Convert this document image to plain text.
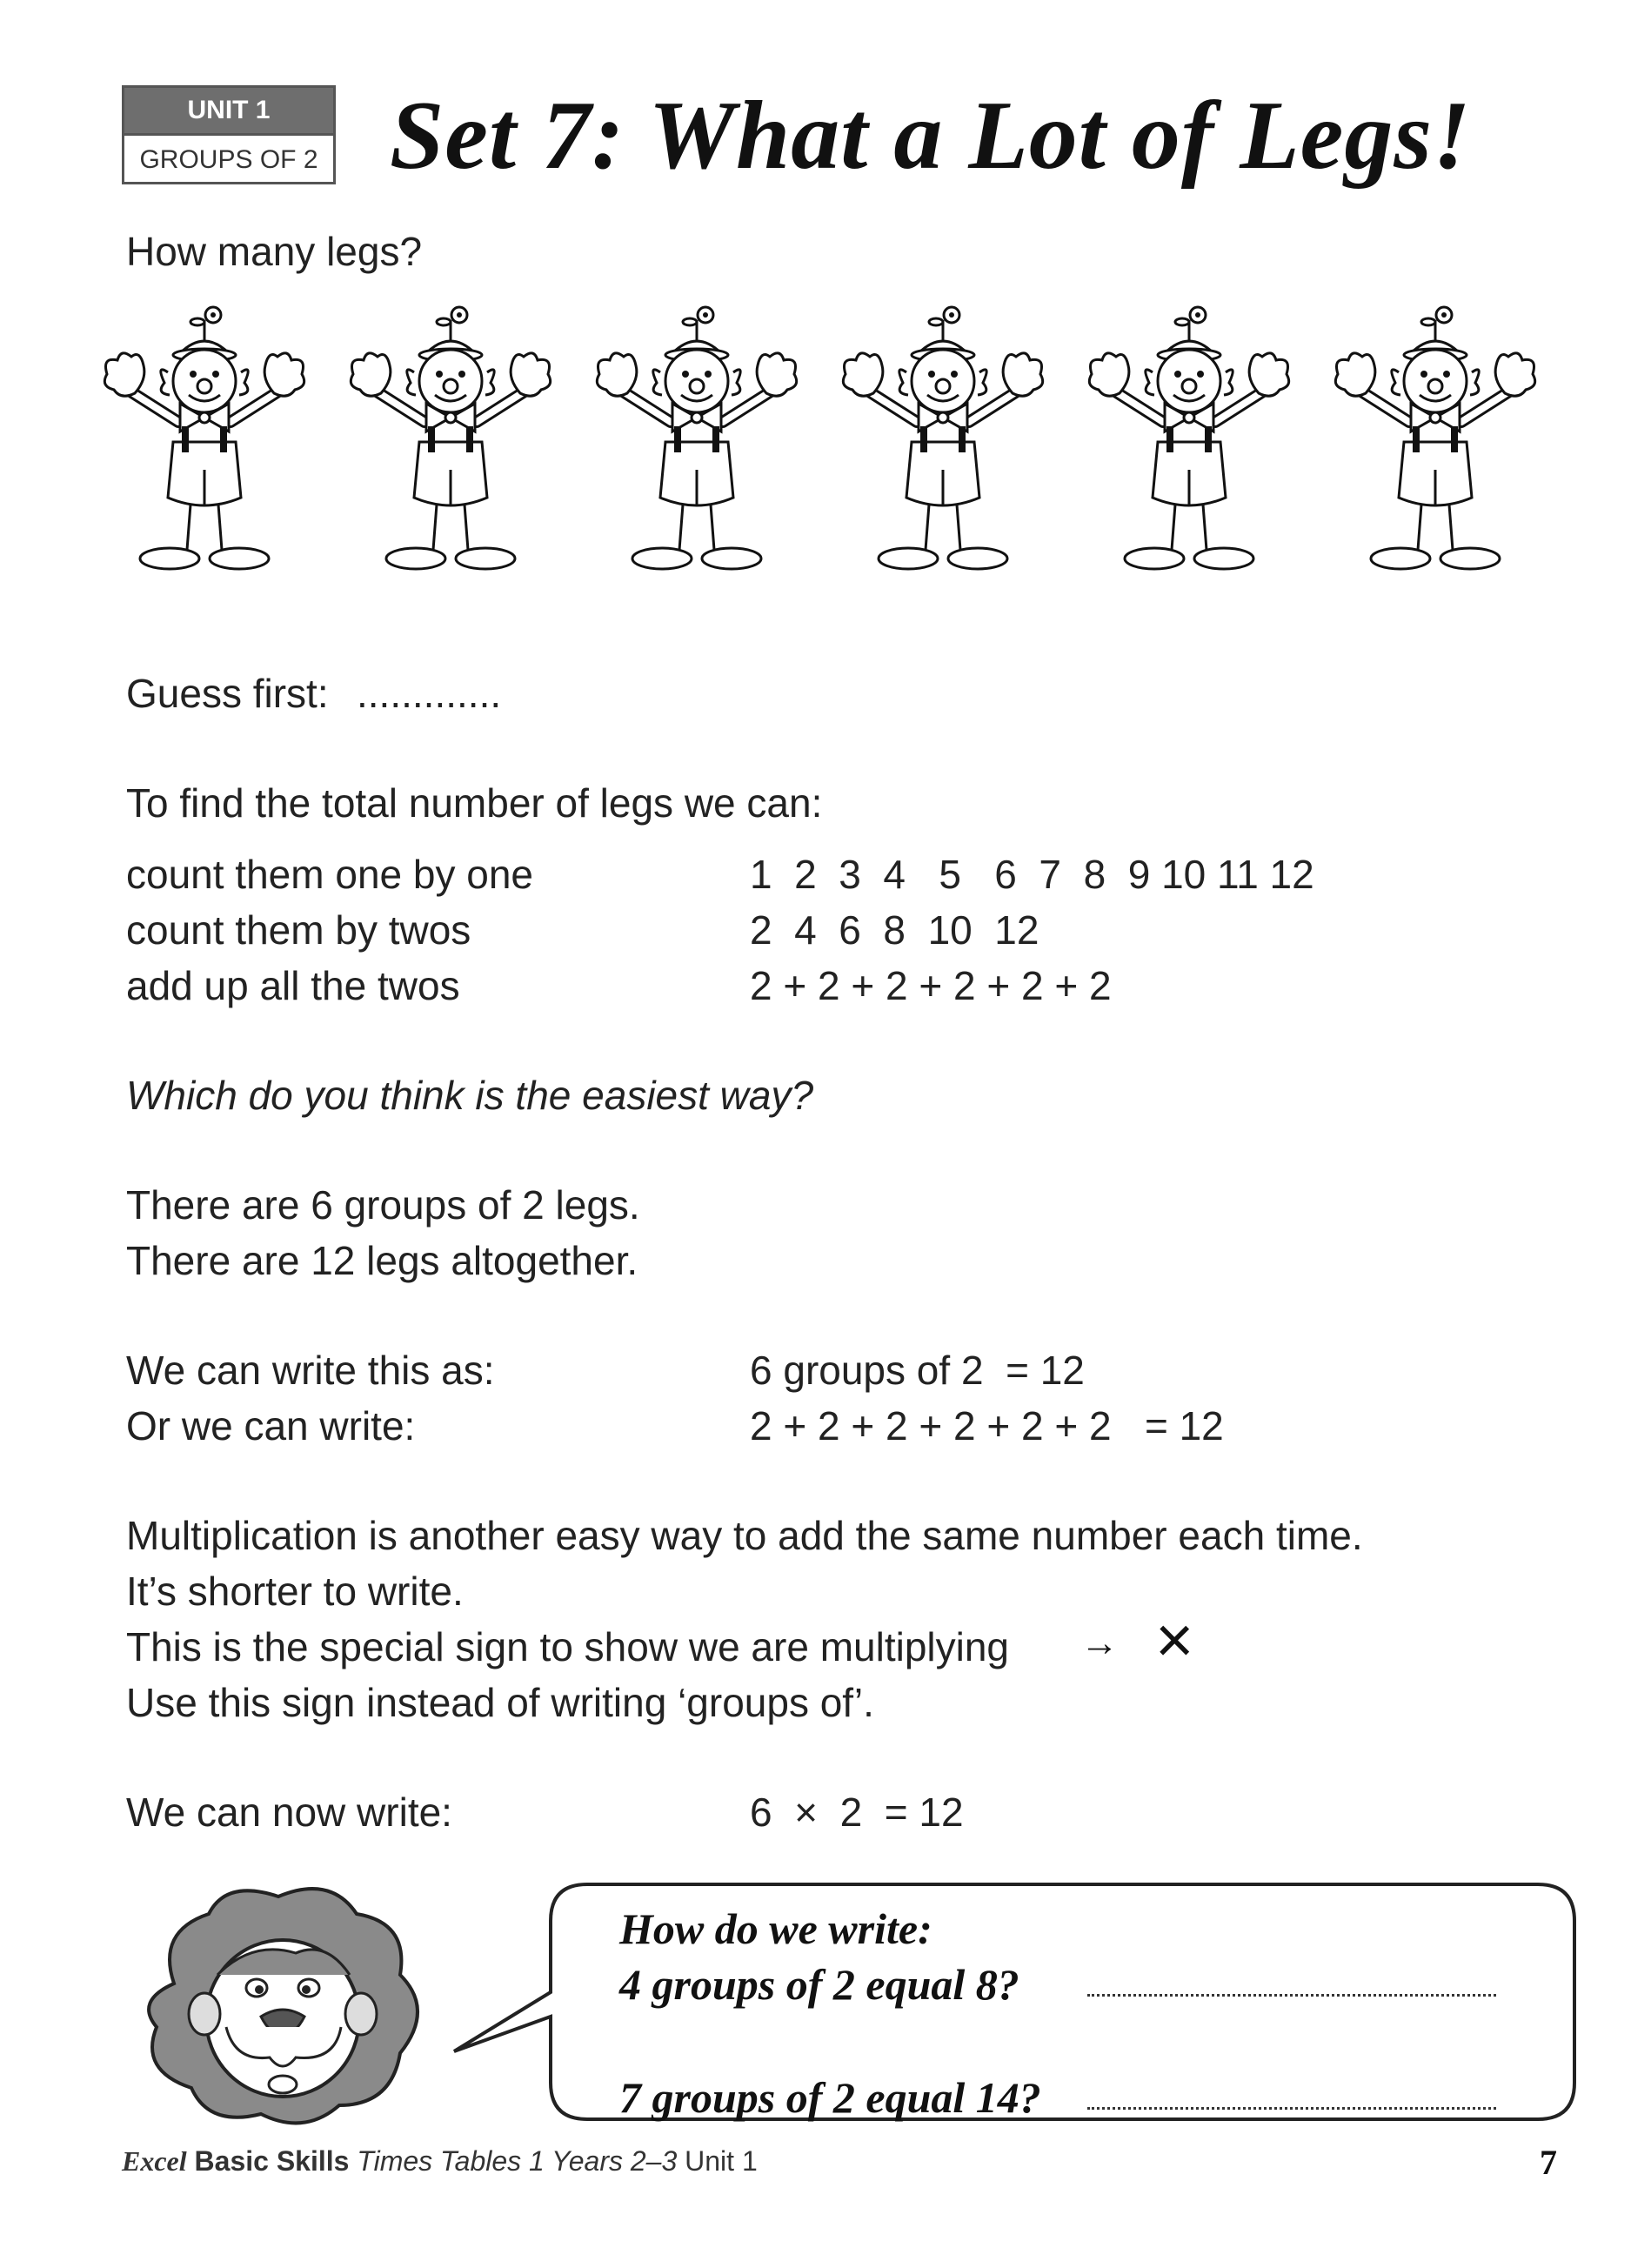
UNIT 1
GROUPS OF 2 Set 7: What a Lot of Legs!
How many legs?
Guess first: .............
To find the total number of legs we can:
count them one by one	1  2  3  4   5   6  7  8  9 10 11 12
count them by twos	2  4  6  8  10  12
add up all the twos	2 + 2 + 2 + 2 + 2 + 2
Which do you think is the easiest way?
There are 6 groups of 2 legs.
There are 12 legs altogether.
We can write this as:	6 groups of 2  = 12
Or we can write:	2 + 2 + 2 + 2 + 2 + 2   = 12
Multiplication is another easy way to add the same number each time.
It’s shorter to write.
This is the special sign to show we are multiplying → ×
Use this sign instead of writing ‘groups of’.
We can now write:	6  ×  2  = 12
How do we write:
4 groups of 2 equal 8?
7 groups of 2 equal 14?
Excel Basic Skills Times Tables 1 Years 2–3 Unit 1	7
